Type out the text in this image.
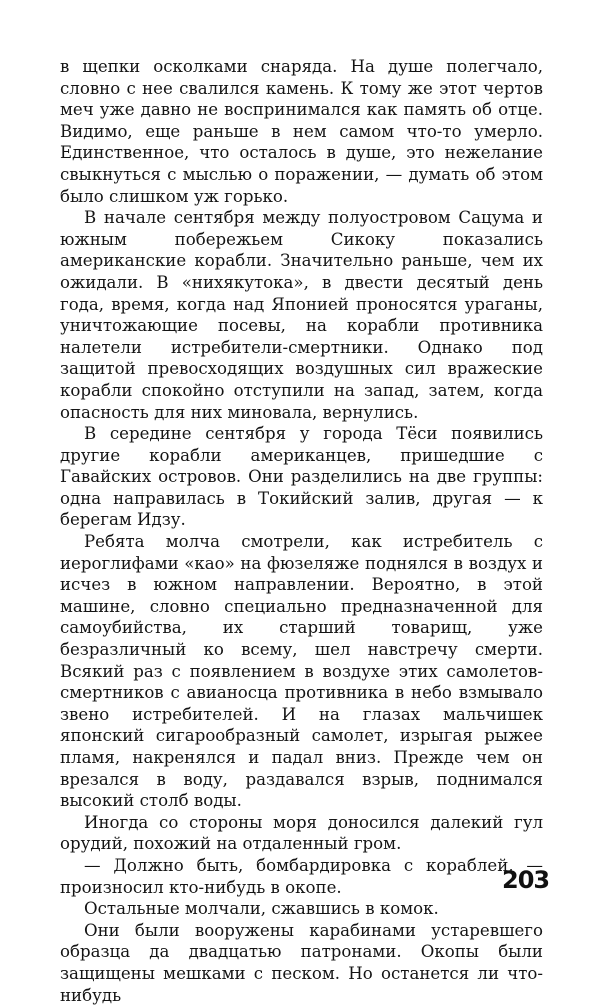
в щепки осколками снаряда. На душе полегчало, словно с нее свалился камень. К тому же этот чертов меч уже давно не воспринимался как память об отце. Видимо, еще раньше в нем самом что-то умерло. Единственное, что осталось в душе, это нежелание свыкнуться с мыслью о поражении, — думать об этом было слишком уж горько.

В начале сентября между полуостровом Сацума и южным побережьем Сикоку показались американские корабли. Значительно раньше, чем их ожидали. В «нихякутока», в двести десятый день года, время, когда над Японией проносятся ураганы, уничтожающие посевы, на корабли противника налетели истребители-смертники. Однако под защитой превосходящих воздушных сил вражеские корабли спокойно отступили на запад, затем, когда опасность для них миновала, вернулись.

В середине сентября у города Тёси появились другие корабли американцев, пришедшие с Гавайских островов. Они разделились на две группы: одна направилась в Токийский залив, другая — к берегам Идзу.

Ребята молча смотрели, как истребитель с иероглифами «као» на фюзеляже поднялся в воздух и исчез в южном направлении. Вероятно, в этой машине, словно специально предназначенной для самоубийства, их старший товарищ, уже безразличный ко всему, шел навстречу смерти. Всякий раз с появлением в воздухе этих самолетов-смертников с авианосца противника в небо взмывало звено истребителей. И на глазах мальчишек японский сигарообразный самолет, изрыгая рыжее пламя, накренялся и падал вниз. Прежде чем он врезался в воду, раздавался взрыв, поднимался высокий столб воды.

Иногда со стороны моря доносился далекий гул орудий, похожий на отдаленный гром.

— Должно быть, бомбардировка с кораблей, — произносил кто-нибудь в окопе.

Остальные молчали, сжавшись в комок.

Они были вооружены карабинами устаревшего образца да двадцатью патронами. Окопы были защищены мешками с песком. Но останется ли что-нибудь

203
